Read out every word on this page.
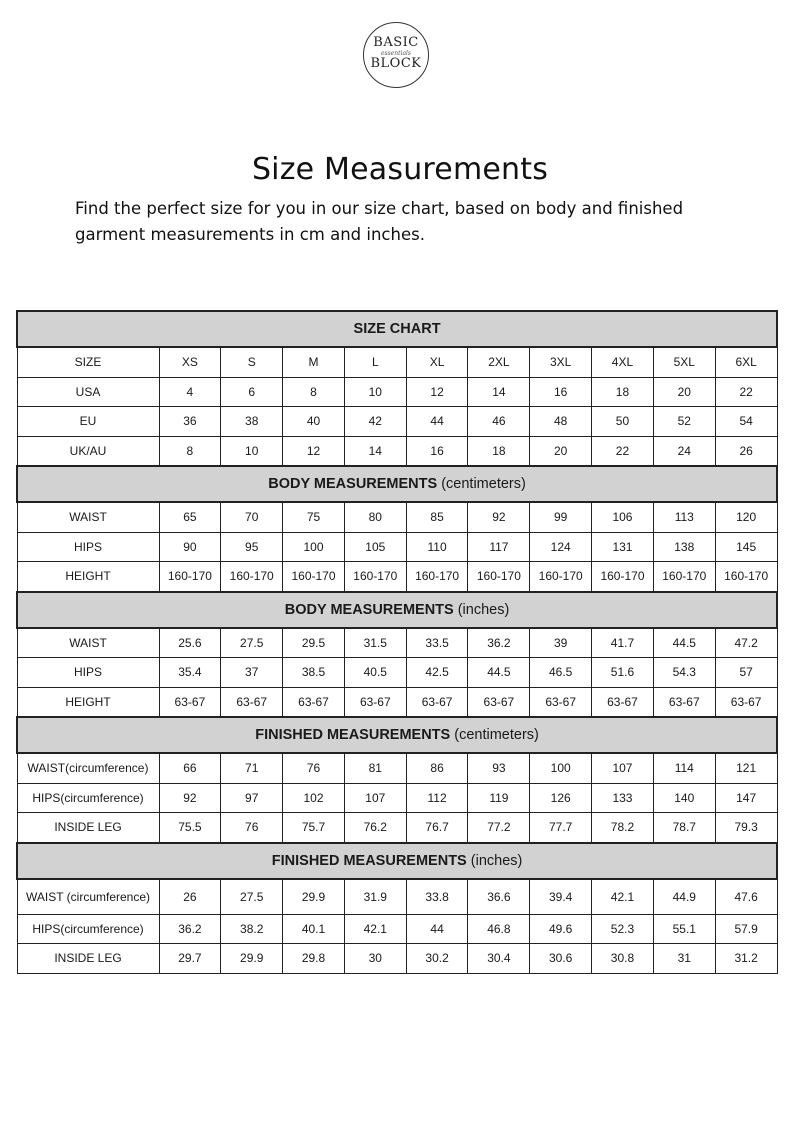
BASIC
essentials
BLOCK
Size Measurements
Find the perfect size for you in our size chart, based on body and finished garment measurements in cm and inches.
SIZE CHART										
SIZE	XS	S	M	L	XL	2XL	3XL	4XL	5XL	6XL
USA	4	6	8	10	12	14	16	18	20	22
EU	36	38	40	42	44	46	48	50	52	54
UK/AU	8	10	12	14	16	18	20	22	24	26
BODY MEASUREMENTS (centimeters)										
WAIST	65	70	75	80	85	92	99	106	113	120
HIPS	90	95	100	105	110	117	124	131	138	145
HEIGHT	160-170	160-170	160-170	160-170	160-170	160-170	160-170	160-170	160-170	160-170
BODY MEASUREMENTS (inches)										
WAIST	25.6	27.5	29.5	31.5	33.5	36.2	39	41.7	44.5	47.2
HIPS	35.4	37	38.5	40.5	42.5	44.5	46.5	51.6	54.3	57
HEIGHT	63-67	63-67	63-67	63-67	63-67	63-67	63-67	63-67	63-67	63-67
FINISHED MEASUREMENTS (centimeters)										
WAIST(circumference)	66	71	76	81	86	93	100	107	114	121
HIPS(circumference)	92	97	102	107	112	119	126	133	140	147
INSIDE LEG	75.5	76	75.7	76.2	76.7	77.2	77.7	78.2	78.7	79.3
FINISHED MEASUREMENTS (inches)										
WAIST (circumference)	26	27.5	29.9	31.9	33.8	36.6	39.4	42.1	44.9	47.6
HIPS(circumference)	36.2	38.2	40.1	42.1	44	46.8	49.6	52.3	55.1	57.9
INSIDE LEG	29.7	29.9	29.8	30	30.2	30.4	30.6	30.8	31	31.2
